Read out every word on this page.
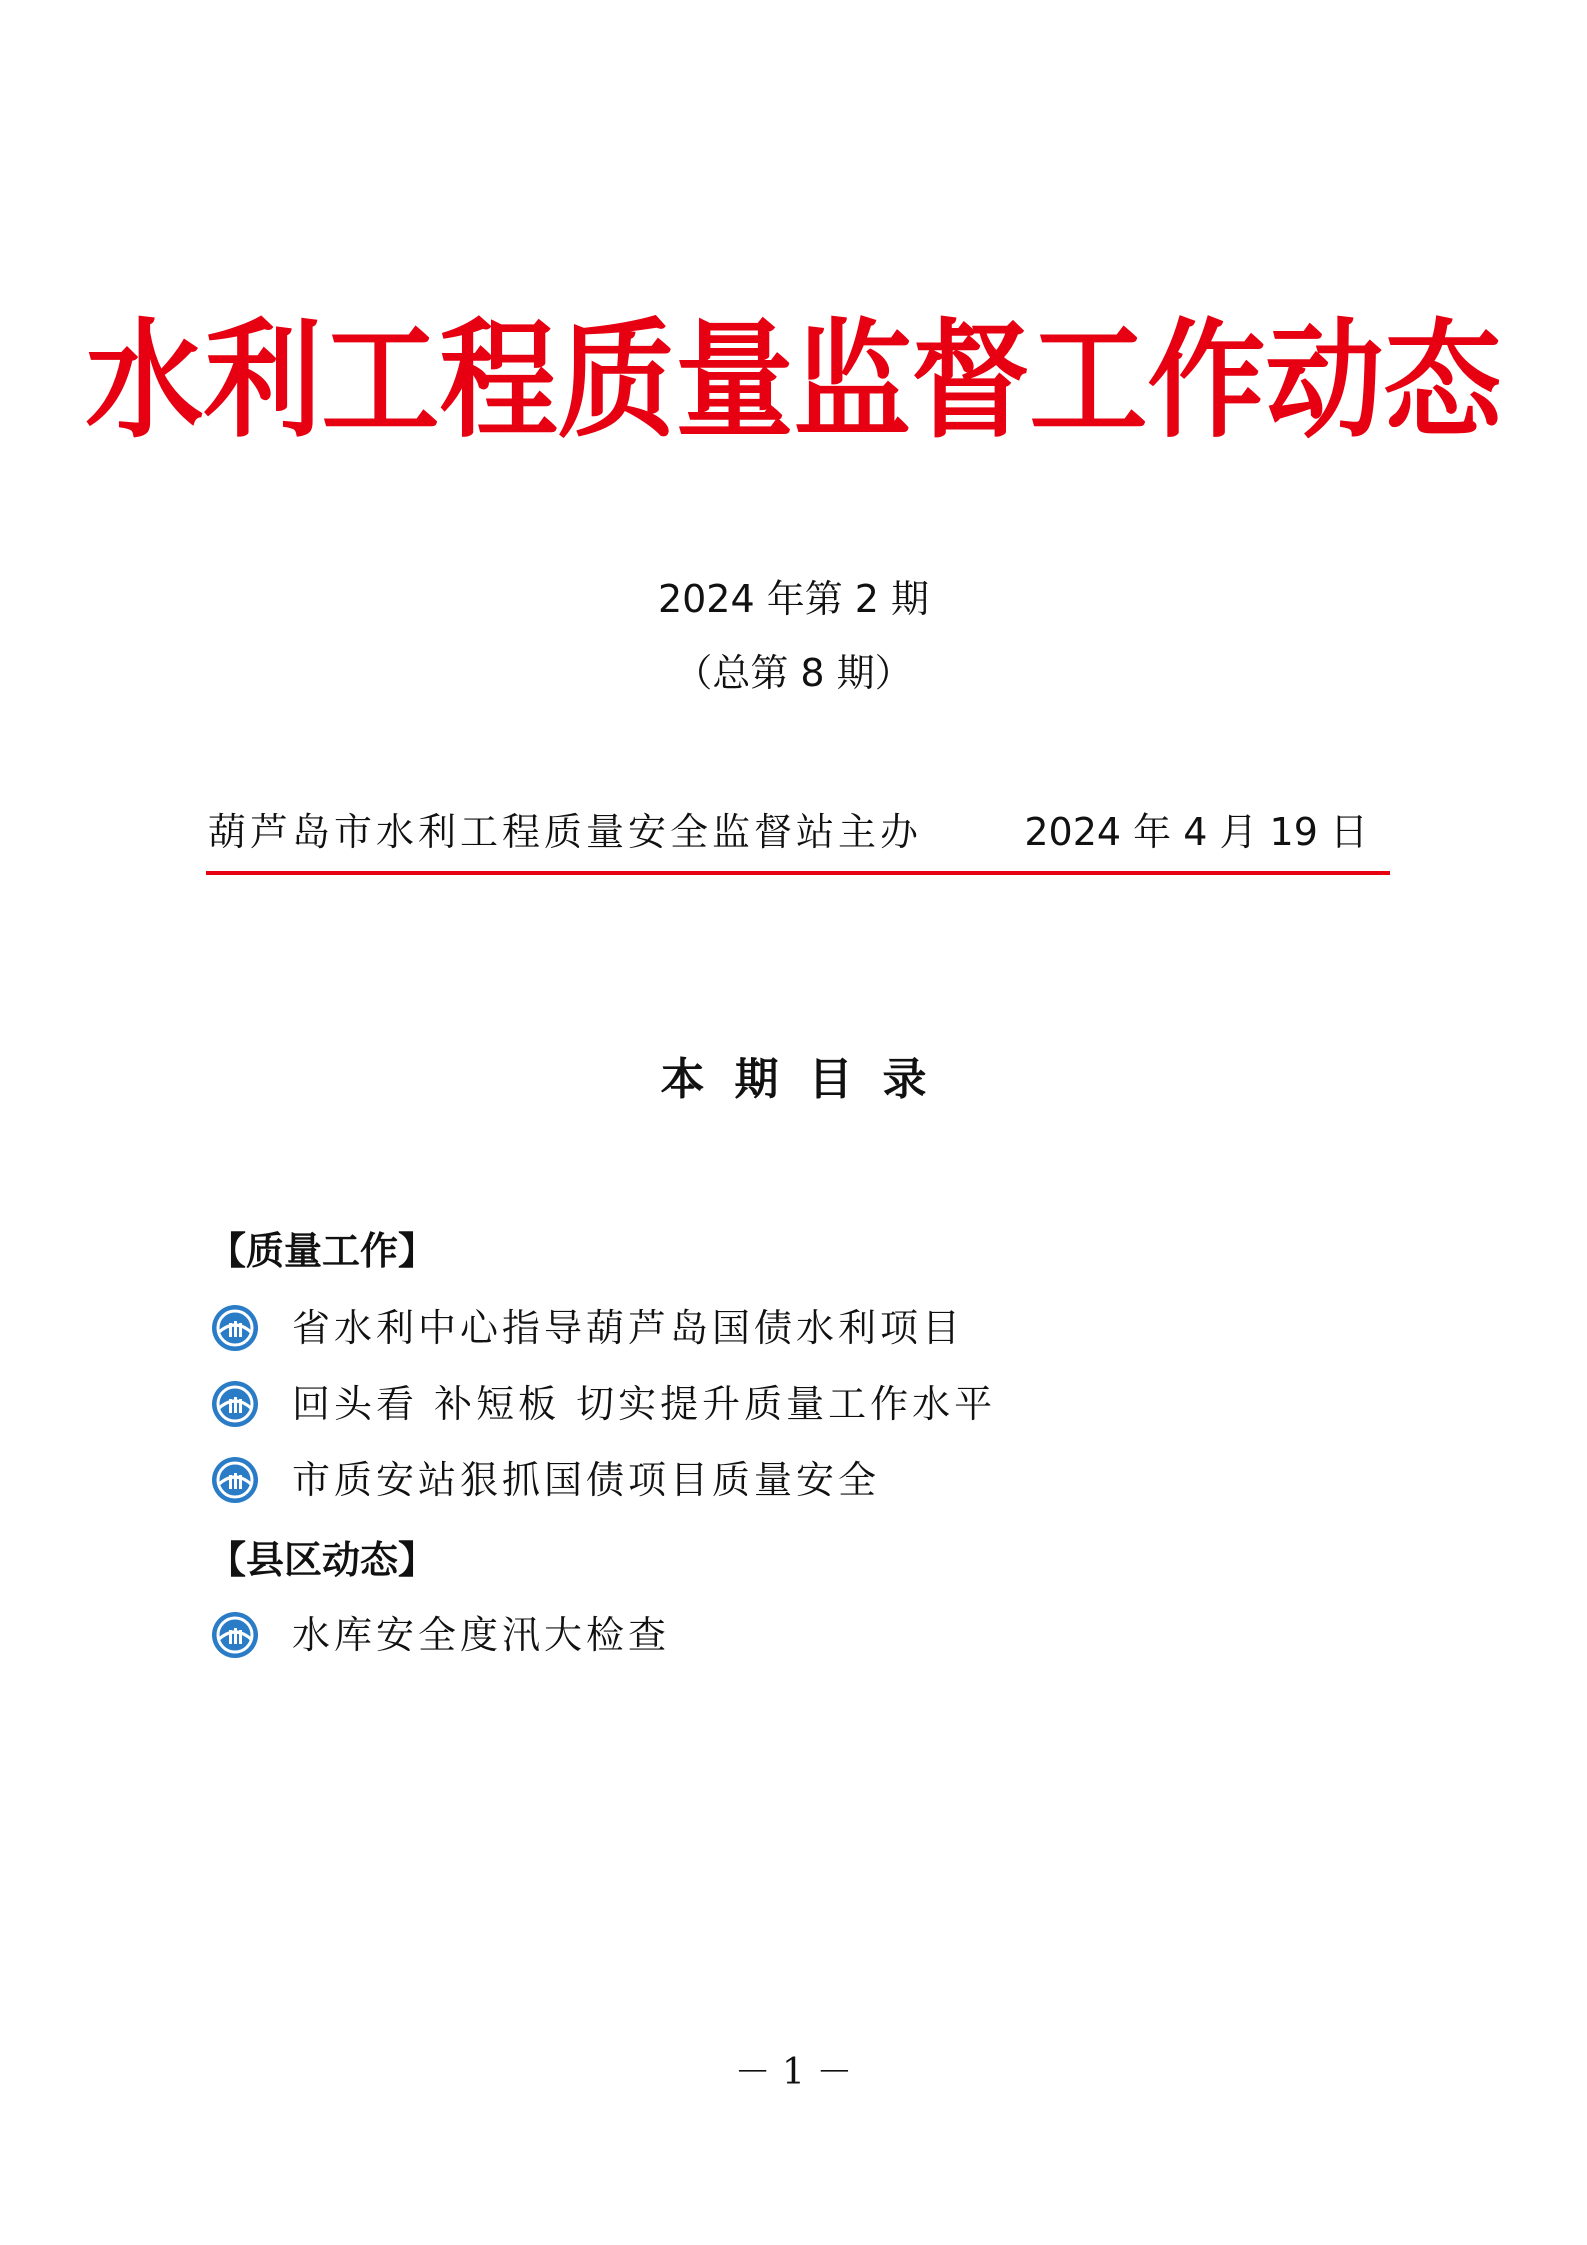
水利工程质量监督工作动态
2024 年第 2 期
（总第 8 期）
葫芦岛市水利工程质量安全监督站主办	2024 年 4 月 19 日
本期目录
【质量工作】
省水利中心指导葫芦岛国债水利项目
回头看 补短板 切实提升质量工作水平
市质安站狠抓国债项目质量安全
【县区动态】
水库安全度汛大检查
－ 1 －
